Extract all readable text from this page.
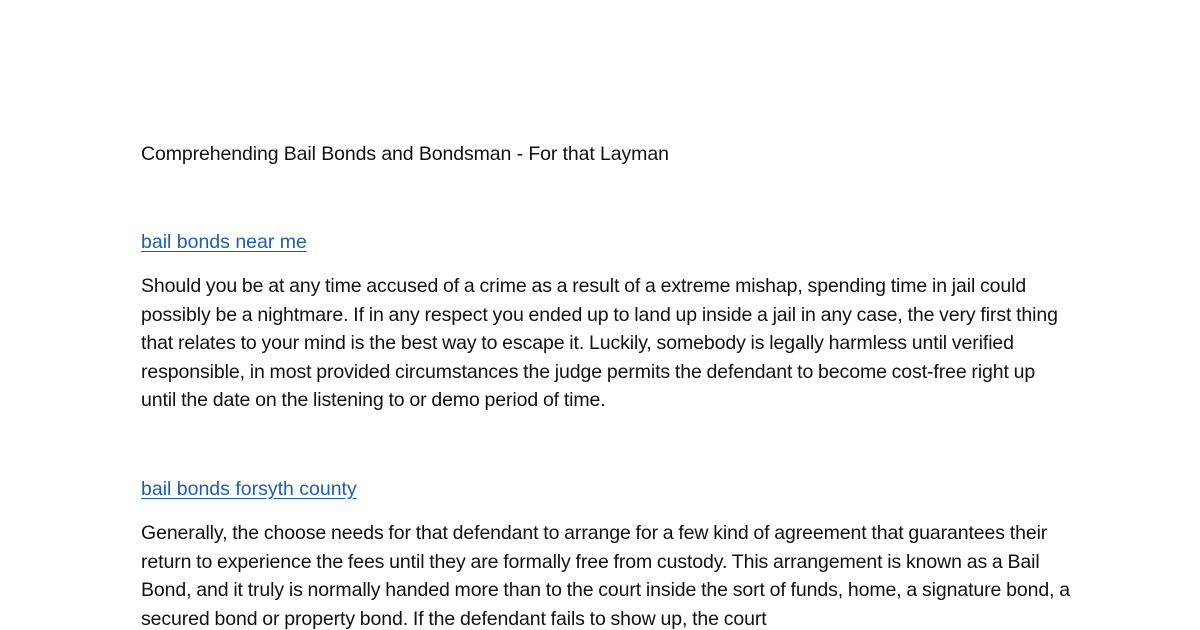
Comprehending Bail Bonds and Bondsman - For that Layman

bail bonds near me

Should you be at any time accused of a crime as a result of a extreme mishap, spending time in jail could possibly be a nightmare. If in any respect you ended up to land up inside a jail in any case, the very first thing that relates to your mind is the best way to escape it. Luckily, somebody is legally harmless until verified responsible, in most provided circumstances the judge permits the defendant to become cost-free right up until the date on the listening to or demo period of time.

bail bonds forsyth county

Generally, the choose needs for that defendant to arrange for a few kind of agreement that guarantees their return to experience the fees until they are formally free from custody. This arrangement is known as a Bail Bond, and it truly is normally handed more than to the court inside the sort of funds, home, a signature bond, a secured bond or property bond. If the defendant fails to show up, the court
